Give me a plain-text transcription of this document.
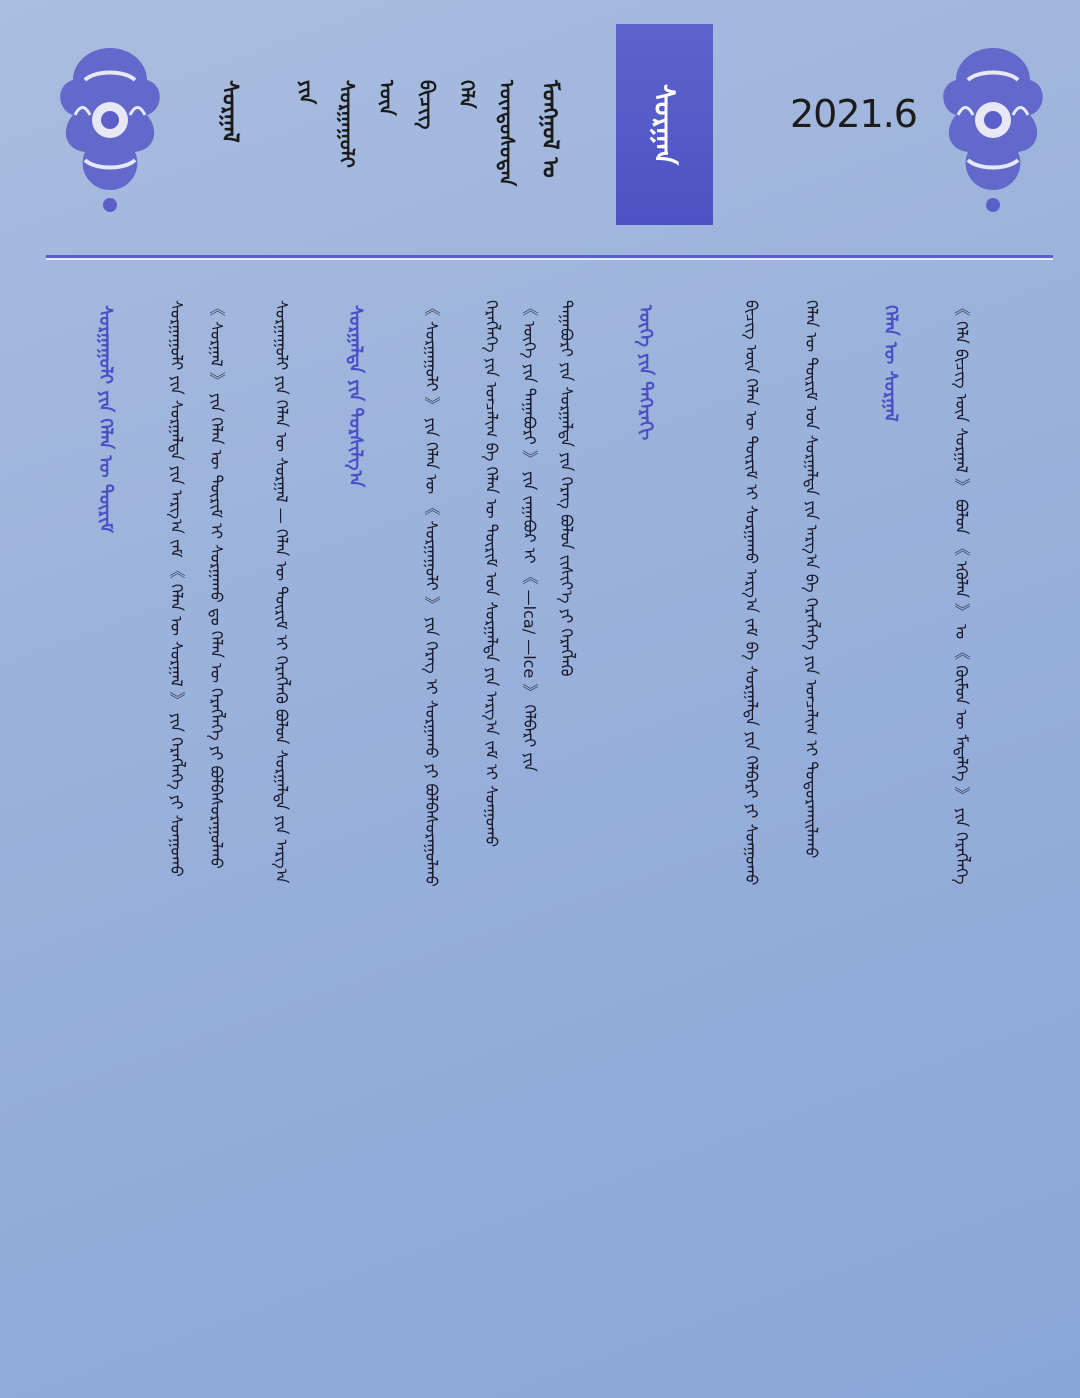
ᠮᠣᠩᠭᠣᠯ ᠤ
ᠦᠨᠳᠦᠰᠦᠲᠡᠨ
ᠬᠡᠯᠡ
ᠪᠢᠴᠢᠭ
ᠦᠨ
ᠰᠤᠷᠭᠠᠭᠤᠯᠢ
ᠶᠢᠨ
ᠰᠤᠷᠭᠠᠯ	ᠰᠤᠷᠭᠠᠨ	2021.6
《 ᠬᠡᠯᠡ ᠪᠢᠴᠢᠭ ᠦᠨ ᠰᠤᠷᠭᠠᠯ 》 ᠪᠣᠯᠤᠨ 《 ᠡᠭᠦᠯᠡᠨ 》 ᠤ 《 ᠬᠦᠮᠦᠨ ᠦ ᠮᠡᠳᠡᠯᠭᠡ 》 ᠶᠢᠨ ᠬᠡᠷᠡᠭᠯᠡᠭᠡ
ᠬᠡᠯᠡᠨ ᠦ ᠰᠤᠷᠭᠠᠯ
ᠬᠡᠯᠡᠨ ᠦ ᠳᠦᠷᠢᠮ ᠤᠨ ᠰᠤᠷᠭᠠᠯᠲᠠ ᠶᠢᠨ ᠠᠷᠭ᠎ᠠ ᠪᠠ ᠬᠡᠷᠡᠭᠯᠡᠭᠡ ᠶᠢᠨ ᠤᠨᠴᠠᠯᠢᠭ ᠢ ᠲᠣᠳᠣᠷᠬᠠᠢᠯᠠᠬᠤ
ᠪᠢᠴᠢᠭ ᠦᠨ ᠬᠡᠯᠡᠨ ᠦ ᠳᠦᠷᠢᠮ ᠢ ᠰᠤᠷᠭᠠᠬᠤ ᠠᠷᠭ᠎ᠠ ᠵᠠᠮ ᠪᠠ ᠰᠤᠷᠭᠠᠯᠲᠠ ᠶᠢᠨ ᠬᠡᠯᠪᠡᠷᠢ ᠶᠢ ᠰᠣᠨᠭᠣᠬᠤ
ᠦᠭᠡ ᠶᠢᠨ ᠳᠡᠭᠡᠷᠡᠬᠢ
ᠳᠠᠭᠠᠪᠤᠷᠢ ᠶᠢᠨ ᠰᠤᠷᠭᠠᠯᠲᠠ ᠶᠢᠨ ᠬᠡᠷᠡᠭ ᠪᠣᠯᠤᠨ ᠵᠢᠱᠢᠶ᠎ᠡ ᠶᠢ ᠬᠡᠷᠡᠭᠯᠡᠬᠦ
《 ᠦᠭᠡ ᠶᠢᠨ ᠳᠠᠭᠠᠪᠤᠷᠢ 》 ᠶᠢᠨ ᠵᠠᠭᠠᠪᠤᠷ ᠢ 《 —lca/ —lce 》 ᠬᠡᠯᠪᠡᠷᠢ ᠶᠢᠨ
ᠬᠡᠷᠡᠭᠯᠡᠭᠡ ᠶᠢᠨ ᠤᠨᠴᠠᠯᠢᠭ ᠪᠠ ᠬᠡᠯᠡᠨ ᠦ ᠳᠦᠷᠢᠮ ᠤᠨ ᠰᠤᠷᠭᠠᠯᠲᠠ ᠶᠢᠨ ᠠᠷᠭ᠎ᠠ ᠵᠠᠮ ᠢ ᠰᠣᠨᠭᠣᠬᠤ
《 ᠰᠤᠷᠭᠠᠭᠤᠯᠢ 》 ᠶᠢᠨ ᠬᠡᠯᠡᠨ ᠦ 《 ᠰᠤᠷᠭᠠᠭᠤᠯᠢ 》 ᠶᠢᠨ ᠬᠡᠷᠡᠭ ᠢ ᠰᠤᠷᠭᠠᠬᠤ ᠶᠢ ᠪᠣᠯᠪᠠᠰᠤᠷᠠᠭᠤᠯᠬᠤ
ᠰᠤᠷᠭᠠᠯᠲᠠ ᠶᠢᠨ ᠲᠤᠷᠰᠢᠯᠭ᠎ᠠ
ᠰᠤᠷᠭᠠᠭᠤᠯᠢ ᠶᠢᠨ ᠬᠡᠯᠡᠨ ᠦ ᠰᠤᠷᠭᠠᠯ — ᠬᠡᠯᠡᠨ ᠦ ᠳᠦᠷᠢᠮ ᠢ ᠬᠡᠷᠡᠭᠯᠡᠬᠦ ᠪᠣᠯᠤᠨ ᠰᠤᠷᠭᠠᠯᠲᠠ ᠶᠢᠨ ᠠᠷᠭ᠎ᠠ
《 ᠰᠤᠷᠭᠠᠯ 》 ᠶᠢᠨ ᠬᠡᠯᠡᠨ ᠦ ᠳᠦᠷᠢᠮ ᠢ ᠰᠤᠷᠭᠠᠬᠤ ᠳᠤ ᠬᠡᠯᠡᠨ ᠦ ᠬᠡᠷᠡᠭᠯᠡᠭᠡ ᠶᠢ ᠪᠣᠯᠪᠠᠰᠤᠷᠠᠭᠤᠯᠬᠤ
ᠰᠤᠷᠭᠠᠭᠤᠯᠢ ᠶᠢᠨ ᠰᠤᠷᠭᠠᠯᠲᠠ ᠶᠢᠨ ᠠᠷᠭ᠎ᠠ ᠵᠠᠮ 《 ᠬᠡᠯᠡᠨ ᠦ ᠰᠤᠷᠭᠠᠯ 》 ᠶᠢᠨ ᠬᠡᠷᠡᠭᠯᠡᠭᠡ ᠶᠢ ᠰᠣᠨᠭᠣᠬᠤ
ᠰᠤᠷᠭᠠᠭᠤᠯᠢ ᠶᠢᠨ ᠬᠡᠯᠡᠨ ᠦ ᠳᠦᠷᠢᠮ
